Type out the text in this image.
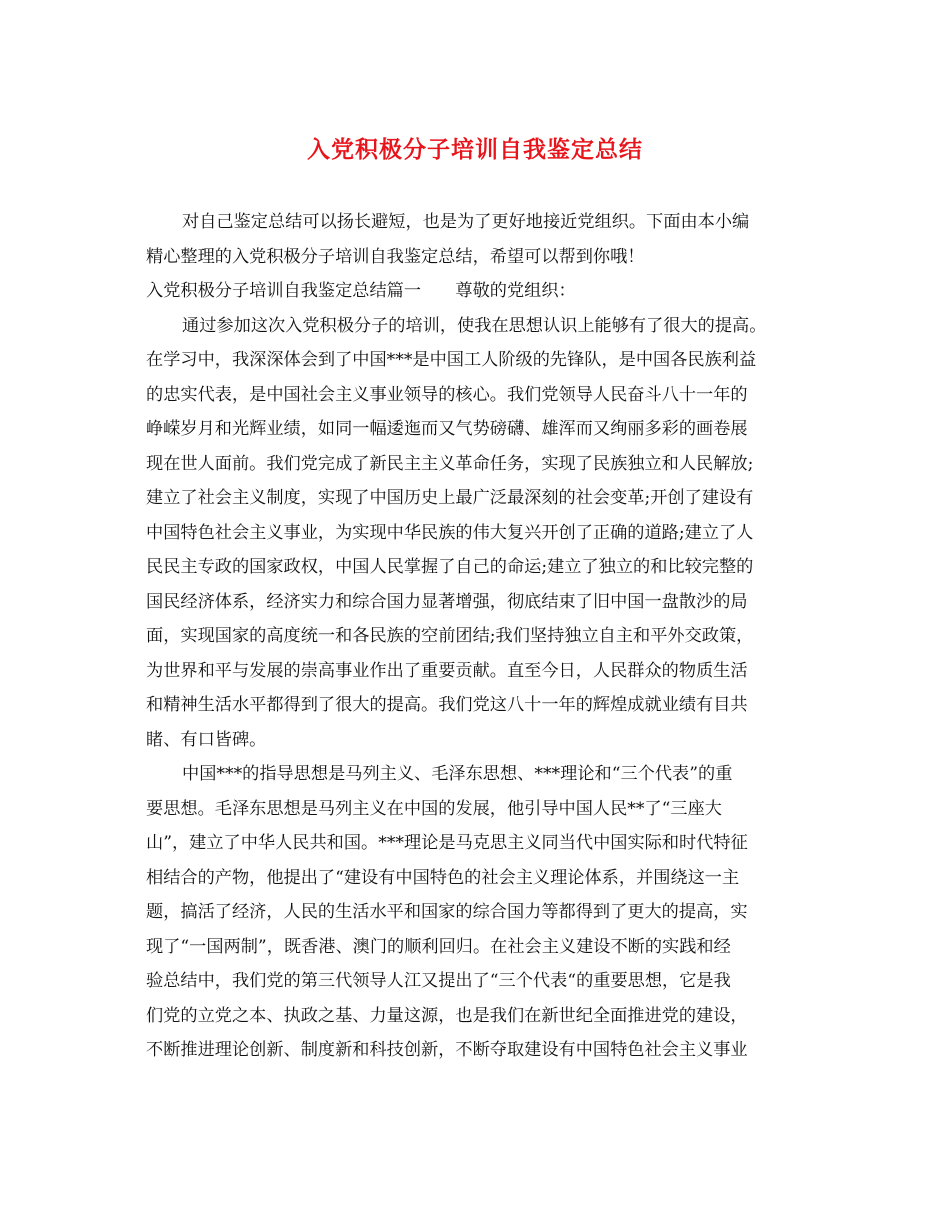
入党积极分子培训自我鉴定总结
对自己鉴定总结可以扬长避短，也是为了更好地接近党组织。下面由本小编
精心整理的入党积极分子培训自我鉴定总结，希望可以帮到你哦！
入党积极分子培训自我鉴定总结篇一　　尊敬的党组织：
通过参加这次入党积极分子的培训，使我在思想认识上能够有了很大的提高。
在学习中，我深深体会到了中国***是中国工人阶级的先锋队，是中国各民族利益
的忠实代表，是中国社会主义事业领导的核心。我们党领导人民奋斗八十一年的
峥嵘岁月和光辉业绩，如同一幅逶迤而又气势磅礴、雄浑而又绚丽多彩的画卷展
现在世人面前。我们党完成了新民主主义革命任务，实现了民族独立和人民解放;
建立了社会主义制度，实现了中国历史上最广泛最深刻的社会变革;开创了建设有
中国特色社会主义事业，为实现中华民族的伟大复兴开创了正确的道路;建立了人
民民主专政的国家政权，中国人民掌握了自己的命运;建立了独立的和比较完整的
国民经济体系，经济实力和综合国力显著增强，彻底结束了旧中国一盘散沙的局
面，实现国家的高度统一和各民族的空前团结;我们坚持独立自主和平外交政策，
为世界和平与发展的崇高事业作出了重要贡献。直至今日，人民群众的物质生活
和精神生活水平都得到了很大的提高。我们党这八十一年的辉煌成就业绩有目共
睹、有口皆碑。
中国***的指导思想是马列主义、毛泽东思想、***理论和“三个代表”的重
要思想。毛泽东思想是马列主义在中国的发展，他引导中国人民**了“三座大
山”，建立了中华人民共和国。***理论是马克思主义同当代中国实际和时代特征
相结合的产物，他提出了“建设有中国特色的社会主义理论体系，并围绕这一主
题，搞活了经济，人民的生活水平和国家的综合国力等都得到了更大的提高，实
现了“一国两制”，既香港、澳门的顺利回归。在社会主义建设不断的实践和经
验总结中，我们党的第三代领导人江又提出了“三个代表“的重要思想，它是我
们党的立党之本、执政之基、力量这源，也是我们在新世纪全面推进党的建设，
不断推进理论创新、制度新和科技创新，不断夺取建设有中国特色社会主义事业
